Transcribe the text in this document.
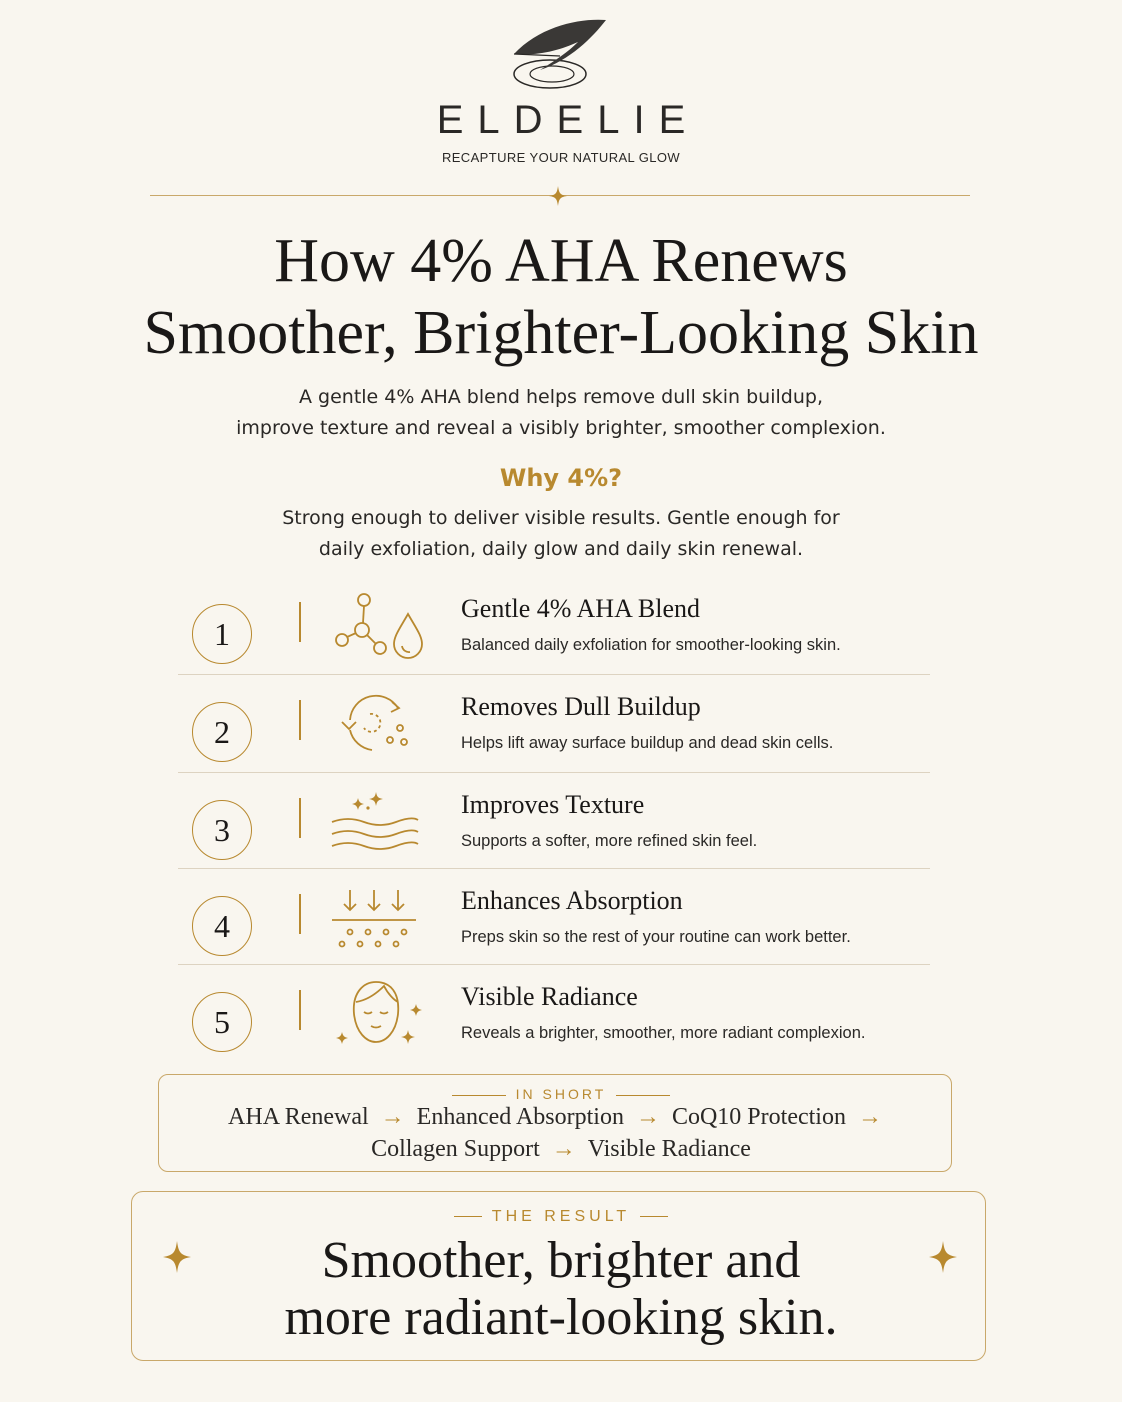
ELDELIE
RECAPTURE YOUR NATURAL GLOW
How 4% AHA Renews
Smoother, Brighter-Looking Skin
A gentle 4% AHA blend helps remove dull skin buildup,
improve texture and reveal a visibly brighter, smoother complexion.
Why 4%?
Strong enough to deliver visible results. Gentle enough for
daily exfoliation, daily glow and daily skin renewal.
1
Gentle 4% AHA Blend
Balanced daily exfoliation for smoother-looking skin.
2
Removes Dull Buildup
Helps lift away surface buildup and dead skin cells.
3
Improves Texture
Supports a softer, more refined skin feel.
4
Enhances Absorption
Preps skin so the rest of your routine can work better.
5
Visible Radiance
Reveals a brighter, smoother, more radiant complexion.
IN SHORT
AHA Renewal → Enhanced Absorption → CoQ10 Protection →
Collagen Support → Visible Radiance
THE RESULT
Smoother, brighter and
more radiant-looking skin.
